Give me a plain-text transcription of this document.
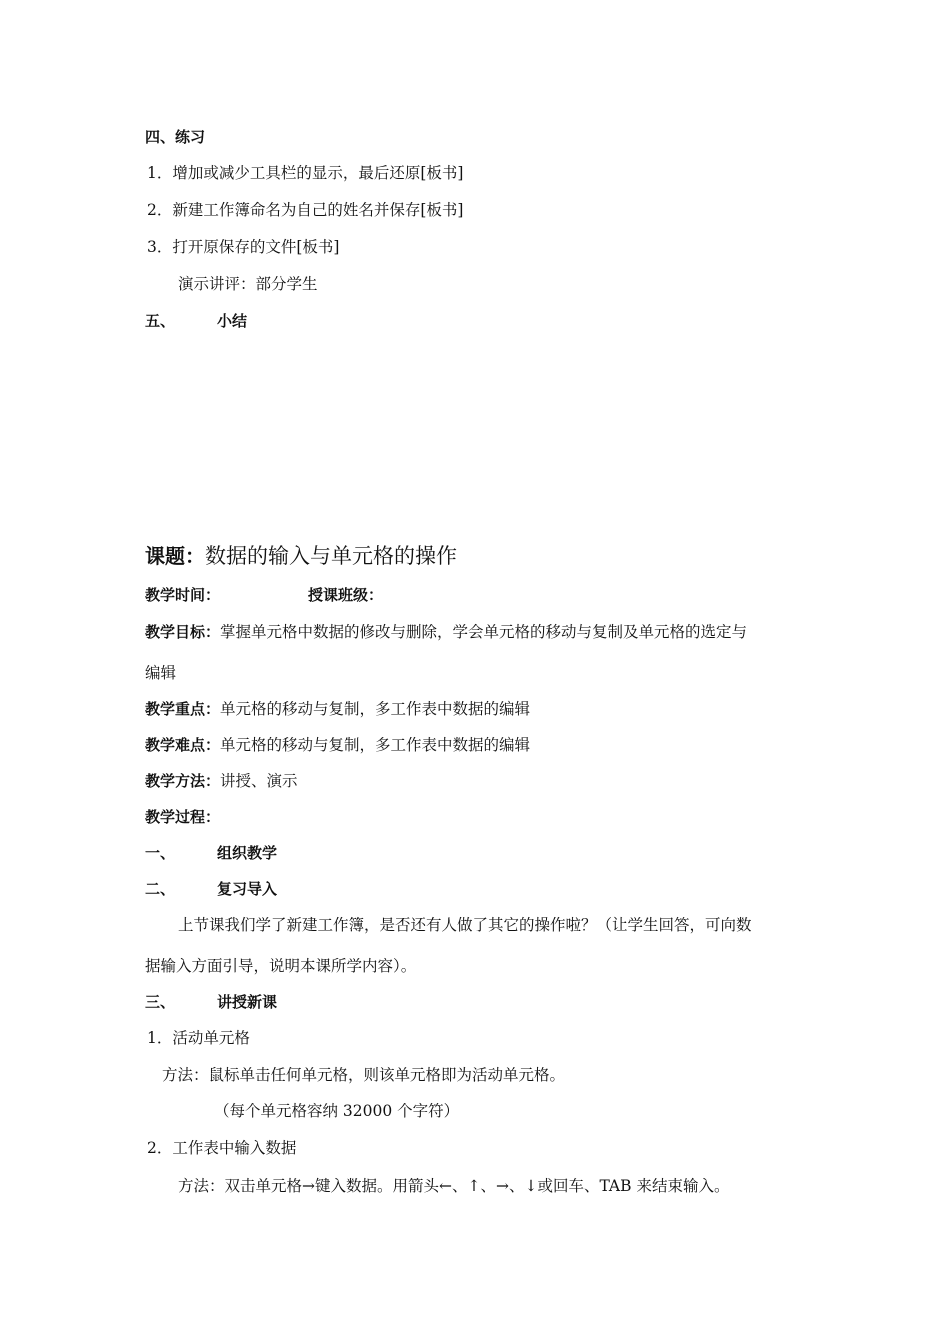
四、练习
1．增加或减少工具栏的显示，最后还原[板书]
2．新建工作簿命名为自己的姓名并保存[板书]
3．打开原保存的文件[板书]
演示讲评：部分学生
五、	小结
课题：数据的输入与单元格的操作
教学时间：	授课班级：
教学目标：掌握单元格中数据的修改与删除，学会单元格的移动与复制及单元格的选定与
编辑
教学重点：单元格的移动与复制，多工作表中数据的编辑
教学难点：单元格的移动与复制，多工作表中数据的编辑
教学方法：讲授、演示
教学过程：
一、	组织教学
二、	复习导入
上节课我们学了新建工作簿，是否还有人做了其它的操作啦？（让学生回答，可向数
据输入方面引导，说明本课所学内容）。
三、	讲授新课
1．活动单元格
方法：鼠标单击任何单元格，则该单元格即为活动单元格。
（每个单元格容纳 32000 个字符）
2．工作表中输入数据
方法：双击单元格→键入数据。用箭头←、↑、→、↓或回车、TAB 来结束输入。
